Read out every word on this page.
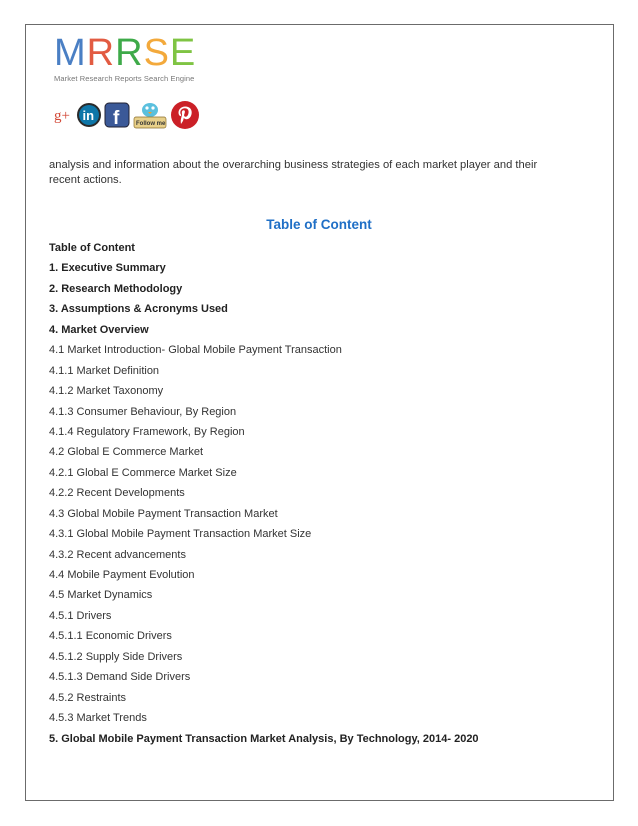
MRRSE
Market Research Reports Search Engine
g+ in f	Follow me
analysis and information about the overarching business strategies of each market player and their recent actions.
Table of Content
Table of Content
1. Executive Summary
2. Research Methodology
3. Assumptions & Acronyms Used
4. Market Overview
4.1 Market Introduction- Global Mobile Payment Transaction
4.1.1 Market Definition
4.1.2 Market Taxonomy
4.1.3 Consumer Behaviour, By Region
4.1.4 Regulatory Framework, By Region
4.2 Global E Commerce Market
4.2.1 Global E Commerce Market Size
4.2.2 Recent Developments
4.3 Global Mobile Payment Transaction Market
4.3.1 Global Mobile Payment Transaction Market Size
4.3.2 Recent advancements
4.4 Mobile Payment Evolution
4.5 Market Dynamics
4.5.1 Drivers
4.5.1.1 Economic Drivers
4.5.1.2 Supply Side Drivers
4.5.1.3 Demand Side Drivers
4.5.2 Restraints
4.5.3 Market Trends
5. Global Mobile Payment Transaction Market Analysis, By Technology, 2014- 2020
